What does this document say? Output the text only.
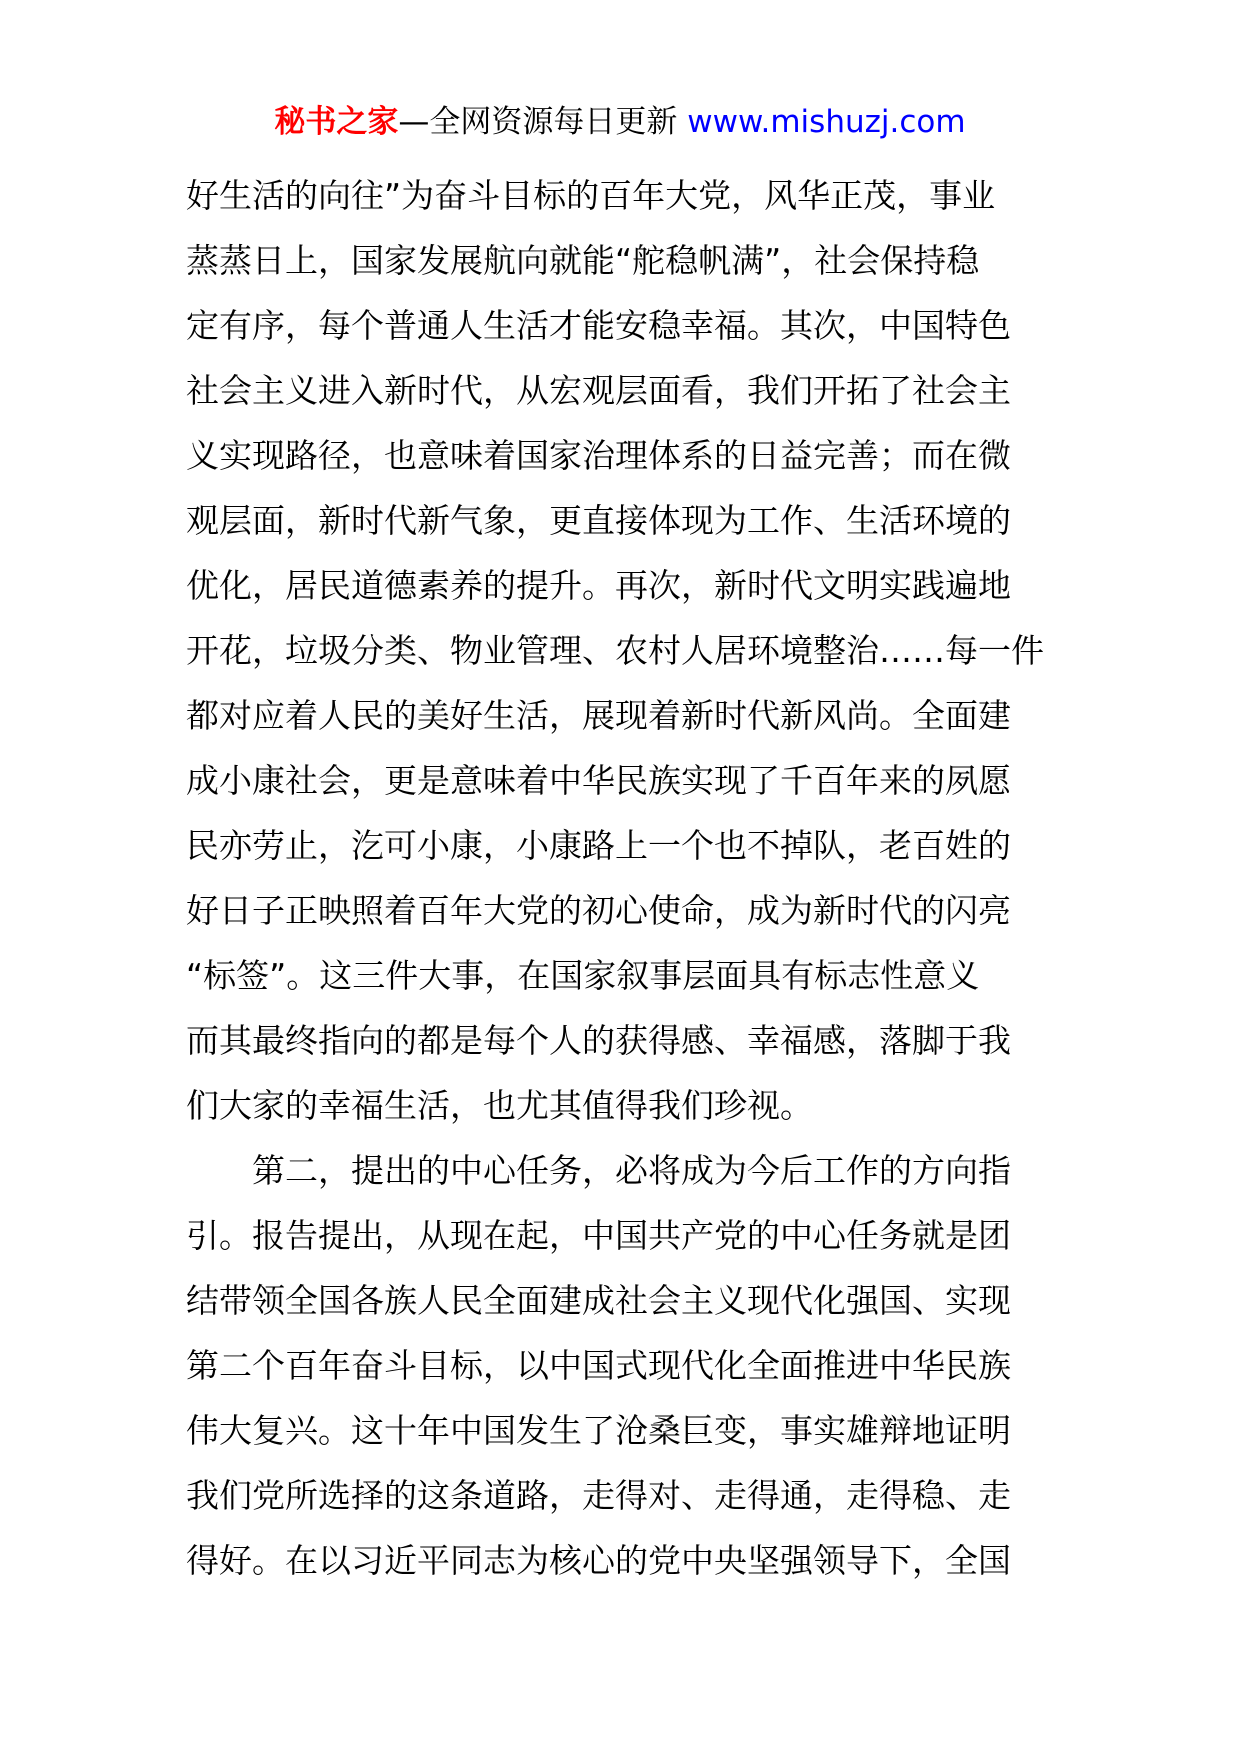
秘书之家—全网资源每日更新 www.mishuzj.com
好生活的向往”为奋斗目标的百年大党，风华正茂，事业
蒸蒸日上，国家发展航向就能“舵稳帆满”，社会保持稳
定有序，每个普通人生活才能安稳幸福。其次，中国特色
社会主义进入新时代，从宏观层面看，我们开拓了社会主
义实现路径，也意味着国家治理体系的日益完善；而在微
观层面，新时代新气象，更直接体现为工作、生活环境的
优化，居民道德素养的提升。再次，新时代文明实践遍地
开花，垃圾分类、物业管理、农村人居环境整治……每一件
都对应着人民的美好生活，展现着新时代新风尚。全面建
成小康社会，更是意味着中华民族实现了千百年来的夙愿
民亦劳止，汔可小康，小康路上一个也不掉队，老百姓的
好日子正映照着百年大党的初心使命，成为新时代的闪亮
“标签”。这三件大事，在国家叙事层面具有标志性意义
而其最终指向的都是每个人的获得感、幸福感，落脚于我
们大家的幸福生活，也尤其值得我们珍视。
　　第二，提出的中心任务，必将成为今后工作的方向指
引。报告提出，从现在起，中国共产党的中心任务就是团
结带领全国各族人民全面建成社会主义现代化强国、实现
第二个百年奋斗目标，以中国式现代化全面推进中华民族
伟大复兴。这十年中国发生了沧桑巨变，事实雄辩地证明
我们党所选择的这条道路，走得对、走得通，走得稳、走
得好。在以习近平同志为核心的党中央坚强领导下，全国
